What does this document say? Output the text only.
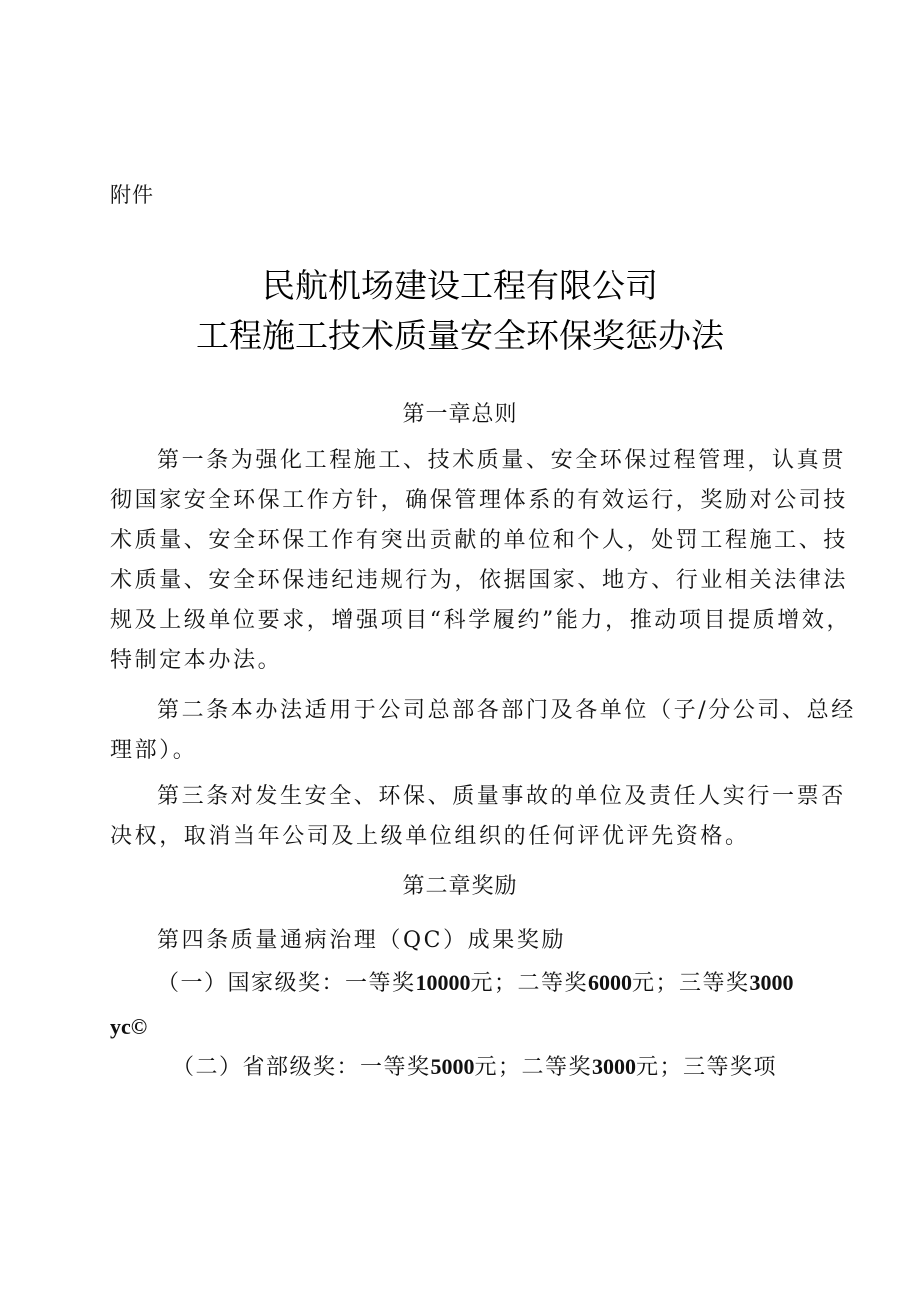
附件
民航机场建设工程有限公司
工程施工技术质量安全环保奖惩办法
第一章总则
第一条为强化工程施工、技术质量、安全环保过程管理，认真贯
彻国家安全环保工作方针，确保管理体系的有效运行，奖励对公司技
术质量、安全环保工作有突出贡献的单位和个人，处罚工程施工、技
术质量、安全环保违纪违规行为，依据国家、地方、行业相关法律法
规及上级单位要求，增强项目“科学履约”能力，推动项目提质增效，
特制定本办法。
第二条本办法适用于公司总部各部门及各单位（子/分公司、总经
理部）。
第三条对发生安全、环保、质量事故的单位及责任人实行一票否
决权，取消当年公司及上级单位组织的任何评优评先资格。
第二章奖励
第四条质量通病治理（QC）成果奖励
（一）国家级奖：一等奖10000元；二等奖6000元；三等奖3000
yc©
（二）省部级奖：一等奖5000元；二等奖3000元；三等奖项
